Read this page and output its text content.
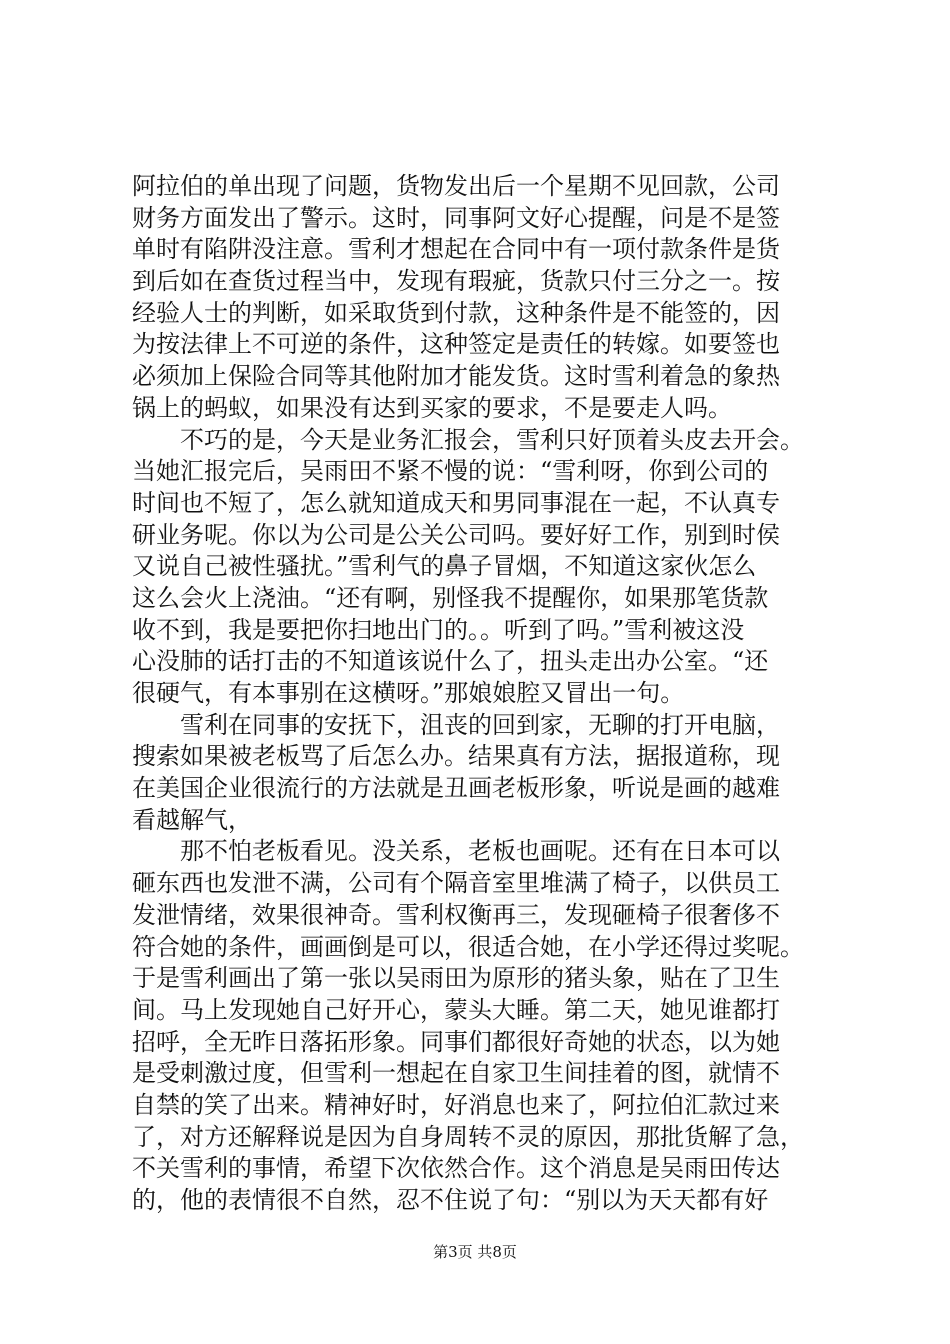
阿拉伯的单出现了问题，货物发出后一个星期不见回款，公司
财务方面发出了警示。这时，同事阿文好心提醒，问是不是签
单时有陷阱没注意。雪利才想起在合同中有一项付款条件是货
到后如在查货过程当中，发现有瑕疵，货款只付三分之一。按
经验人士的判断，如采取货到付款，这种条件是不能签的，因
为按法律上不可逆的条件，这种签定是责任的转嫁。如要签也
必须加上保险合同等其他附加才能发货。这时雪利着急的象热
锅上的蚂蚁，如果没有达到买家的要求，不是要走人吗。
　　不巧的是，今天是业务汇报会，雪利只好顶着头皮去开会。
当她汇报完后，吴雨田不紧不慢的说：“雪利呀，你到公司的
时间也不短了，怎么就知道成天和男同事混在一起，不认真专
研业务呢。你以为公司是公关公司吗。要好好工作，别到时侯
又说自己被性骚扰。”雪利气的鼻子冒烟，不知道这家伙怎么
这么会火上浇油。“还有啊，别怪我不提醒你，如果那笔货款
收不到，我是要把你扫地出门的。。听到了吗。”雪利被这没
心没肺的话打击的不知道该说什么了，扭头走出办公室。“还
很硬气，有本事别在这横呀。”那娘娘腔又冒出一句。
　　雪利在同事的安抚下，沮丧的回到家，无聊的打开电脑，
搜索如果被老板骂了后怎么办。结果真有方法，据报道称，现
在美国企业很流行的方法就是丑画老板形象，听说是画的越难
看越解气，
　　那不怕老板看见。没关系，老板也画呢。还有在日本可以
砸东西也发泄不满，公司有个隔音室里堆满了椅子，以供员工
发泄情绪，效果很神奇。雪利权衡再三，发现砸椅子很奢侈不
符合她的条件，画画倒是可以，很适合她，在小学还得过奖呢。
于是雪利画出了第一张以吴雨田为原形的猪头象，贴在了卫生
间。马上发现她自己好开心，蒙头大睡。第二天，她见谁都打
招呼，全无昨日落拓形象。同事们都很好奇她的状态，以为她
是受刺激过度，但雪利一想起在自家卫生间挂着的图，就情不
自禁的笑了出来。精神好时，好消息也来了，阿拉伯汇款过来
了，对方还解释说是因为自身周转不灵的原因，那批货解了急，
不关雪利的事情，希望下次依然合作。这个消息是吴雨田传达
的，他的表情很不自然，忍不住说了句：“别以为天天都有好
第3页 共8页
